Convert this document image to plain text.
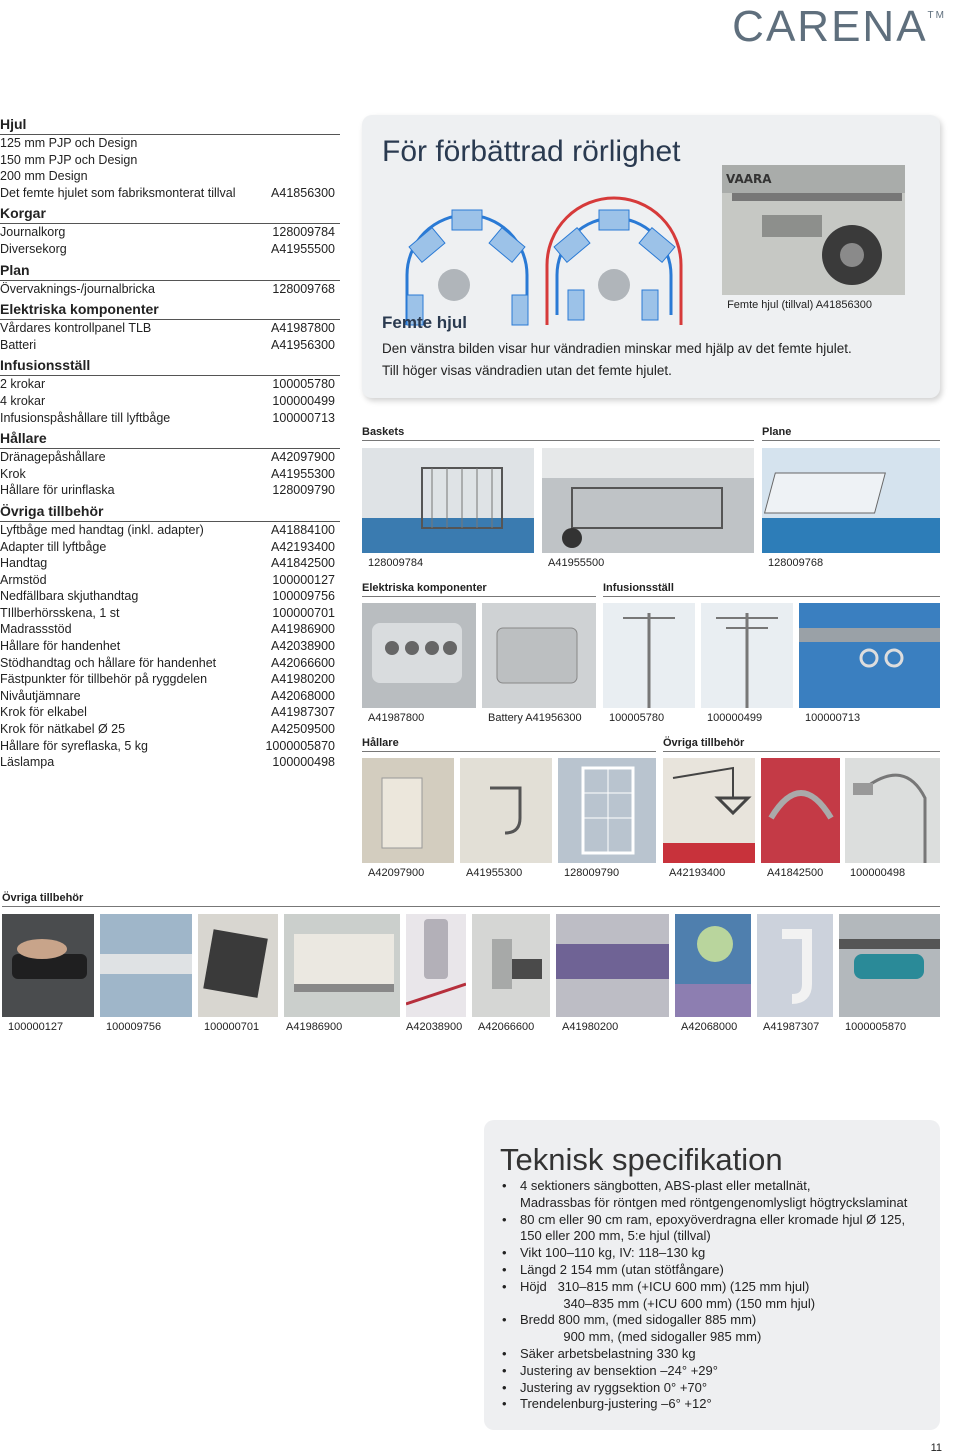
CARENA™
Hjul
125 mm PJP och Design
150 mm PJP och Design
200 mm Design
Det femte hjulet som fabriksmonterat tillval	A41856300
Korgar
Journalkorg	128009784
Diversekorg	A41955500
Plan
Övervaknings-/journalbricka	128009768
Elektriska komponenter
Vårdares kontrollpanel TLB	A41987800
Batteri	A41956300
Infusionsställ
2 krokar	100005780
4 krokar	100000499
Infusionspåshållare till lyftbåge	100000713
Hållare
Dränagepåshållare	A42097900
Krok	A41955300
Hållare för urinflaska	128009790
Övriga tillbehör
Lyftbåge med handtag (inkl. adapter)	A41884100
Adapter till lyftbåge	A42193400
Handtag	A41842500
Armstöd	100000127
Nedfällbara skjuthandtag	100009756
TIllberhörsskena, 1 st	100000701
Madrassstöd	A41986900
Hållare för handenhet	A42038900
Stödhandtag och hållare för handenhet	A42066600
Fästpunkter för tillbehör på ryggdelen	A41980200
Nivåutjämnare	A42068000
Krok för elkabel	A41987307
Krok för nätkabel Ø 25	A42509500
Hållare för syreflaska, 5 kg	1000005870
Läslampa	100000498
För förbättrad rörlighet
VAARA
Femte hjul (tillval) A41856300
Femte hjul
Den vänstra bilden visar hur vändradien minskar med hjälp av det femte hjulet.
Till höger visas vändradien utan det femte hjulet.
Baskets	Plane
128009784	A41955500	128009768
Elektriska komponenter	Infusionsställ
A41987800	Battery A41956300 100005780	100000499	100000713
Hållare	Övriga tillbehör
A42097900	A41955300	128009790	A42193400	A41842500 100000498
Övriga tillbehör
100000127	100009756	100000701 A41986900	A42038900 A42066600	A41980200	A42068000 A41987307 1000005870
Teknisk specifikation
• 4 sektioners sängbotten, ABS-plast eller metallnät,
Madrassbas för röntgen med röntgengenomlysligt högtryckslaminat
• 80 cm eller 90 cm ram, epoxyöverdragna eller kromade hjul Ø 125,
150 eller 200 mm, 5:e hjul (tillval)
• Vikt 100–110 kg, IV: 118–130 kg
• Längd 2 154 mm (utan stötfångare)
• Höjd   310–815 mm (+ICU 600 mm) (125 mm hjul)
340–835 mm (+ICU 600 mm) (150 mm hjul)
• Bredd 800 mm, (med sidogaller 885 mm)
900 mm, (med sidogaller 985 mm)
• Säker arbetsbelastning 330 kg
• Justering av bensektion –24° +29°
• Justering av ryggsektion 0° +70°
• Trendelenburg-justering –6° +12°
11
